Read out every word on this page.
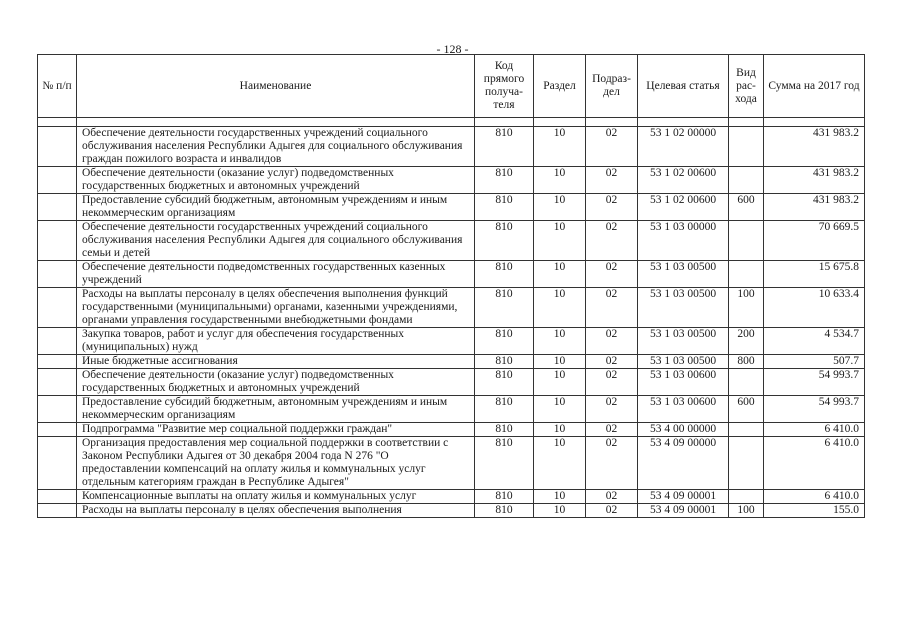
- 128 -
№ п/п	Наименование	Код прямого получа-теля	Раздел	Подраз-дел	Целевая статья	Вид рас-хода	Сумма на 2017 год

	Обеспечение деятельности государственных учреждений социального обслуживания населения Республики Адыгея для социального обслуживания граждан пожилого возраста и инвалидов	810	10	02	53 1 02 00000		431 983.2
	Обеспечение деятельности (оказание услуг) подведомственных государственных бюджетных и автономных учреждений	810	10	02	53 1 02 00600		431 983.2
	Предоставление субсидий бюджетным, автономным учреждениям и иным некоммерческим организациям	810	10	02	53 1 02 00600	600	431 983.2
	Обеспечение деятельности государственных учреждений социального обслуживания населения Республики Адыгея для социального обслуживания семьи и детей	810	10	02	53 1 03 00000		70 669.5
	Обеспечение деятельности подведомственных государственных казенных учреждений	810	10	02	53 1 03 00500		15 675.8
	Расходы на выплаты персоналу в целях обеспечения выполнения функций государственными (муниципальными) органами, казенными учреждениями, органами управления государственными внебюджетными фондами	810	10	02	53 1 03 00500	100	10 633.4
	Закупка товаров, работ и услуг для обеспечения государственных (муниципальных) нужд	810	10	02	53 1 03 00500	200	4 534.7
	Иные бюджетные ассигнования	810	10	02	53 1 03 00500	800	507.7
	Обеспечение деятельности (оказание услуг) подведомственных государственных бюджетных и автономных учреждений	810	10	02	53 1 03 00600		54 993.7
	Предоставление субсидий бюджетным, автономным учреждениям и иным некоммерческим организациям	810	10	02	53 1 03 00600	600	54 993.7
	Подпрограмма "Развитие мер социальной поддержки граждан"	810	10	02	53 4 00 00000		6 410.0
	Организация предоставления мер социальной поддержки в соответствии с Законом Республики Адыгея от 30 декабря 2004 года N 276 "О предоставлении компенсаций на оплату жилья и коммунальных услуг отдельным категориям граждан в Республике Адыгея"	810	10	02	53 4 09 00000		6 410.0
	Компенсационные выплаты на оплату жилья и коммунальных услуг	810	10	02	53 4 09 00001		6 410.0
	Расходы на выплаты персоналу в целях обеспечения выполнения	810	10	02	53 4 09 00001	100	155.0
